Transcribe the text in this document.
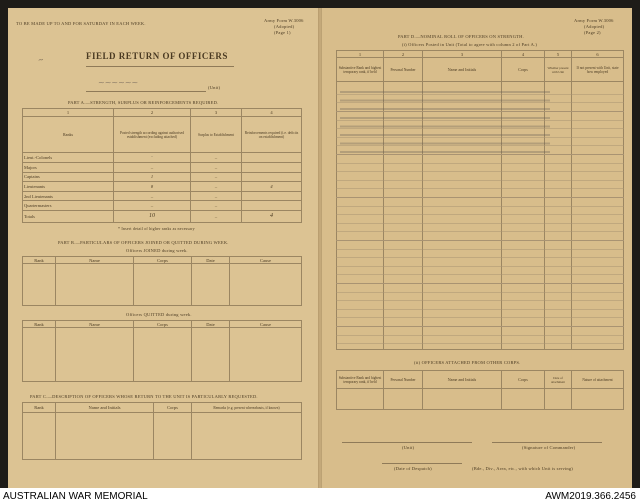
TO BE MADE UP TO AND FOR SATURDAY IN EACH WEEK.
Army Form W.3006
(Adopted)
(Page 1)
FIELD RETURN OF OFFICERS
(Unit)
PART A.—STRENGTH, SURPLUS OR REINFORCEMENTS REQUIRED.
1	2	3	4
Ranks	Posted strength according against authorised establishment (excluding attached)	Surplus to Establishment	Reinforcements required (i.e. deficits on establishment)
Lieut.-Colonels	–	–	
Majors	–	–	
Captains	1	–	
Lieutenants	8	–	4
2nd Lieutenants	–	–	
Quartermasters	–	–	
Totals	10	–	4
* Insert detail of higher ranks as necessary
PART B.—PARTICULARS OF OFFICERS JOINED OR QUITTED DURING WEEK.
Officers JOINED during week.
Rank	Name	Corps	Date	Cause

Officers QUITTED during week.
Rank	Name	Corps	Date	Cause

PART C.—DESCRIPTION OF OFFICERS WHOSE RETURN TO THE UNIT IS PARTICULARLY REQUESTED.
Rank	Name and Initials	Corps	Remarks (e.g. present whereabouts, if known)

~
~~~~~~
Army Form W.3006
(Adopted)
(Page 2)
PART D.—NOMINAL ROLL OF OFFICERS ON STRENGTH.
(i) Officers Posted in Unit (Total to agree with column 2 of Part A.)
1	2	3	4	5	6
Substantive Rank and highest temporary rank, if held	Personal Number	Name and Initials	Corps	Whether present with Unit	If not present with Unit, state how employed

(ii) OFFICERS ATTACHED FROM OTHER CORPS.
Substantive Rank and highest temporary rank, if held	Personal Number	Name and Initials	Corps	Date of attachment	Nature of attachment

(Unit)	(Signature of Commander)
(Date of Despatch)	(Bde., Div., Area, etc., with which Unit is serving)
AUSTRALIAN WAR MEMORIAL	AWM2019.366.2456
